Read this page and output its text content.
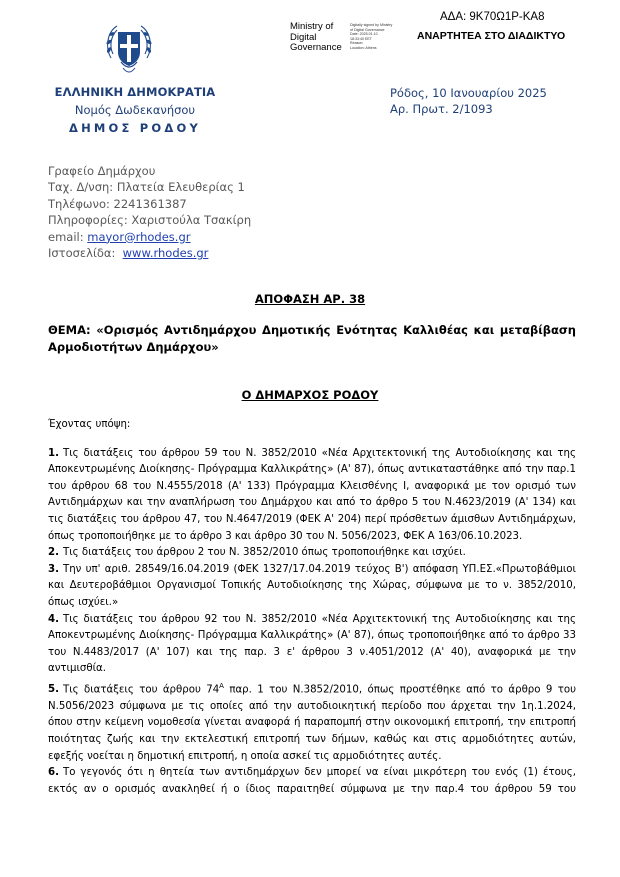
ΑΔΑ: 9Κ70Ω1Ρ-ΚΑ8
Ministry of
Digital
Governance
Digitally signed by Ministry
of Digital Governance
Date: 2025.01.10
18:33:40 EET
Reason:
Location: Athens
ΑΝΑΡΤΗΤΕΑ ΣΤΟ ΔΙΑΔΙΚΤΥΟ
ΕΛΛΗΝΙΚΗ ΔΗΜΟΚΡΑΤΙΑ
Νομός Δωδεκανήσου
ΔΗΜΟΣ ΡΟΔΟΥ
Ρόδος, 10 Ιανουαρίου 2025
Αρ. Πρωτ. 2/1093
Γραφείο Δημάρχου
Ταχ. Δ/νση: Πλατεία Ελευθερίας 1
Τηλέφωνο: 2241361387
Πληροφορίες: Χαριστούλα Τσακίρη
email: mayor@rhodes.gr
Ιστοσελίδα:  www.rhodes.gr
ΑΠΟΦΑΣΗ ΑΡ. 38
ΘΕΜΑ: «Ορισμός Αντιδημάρχου Δημοτικής Ενότητας Καλλιθέας και μεταβίβαση
Αρμοδιοτήτων Δημάρχου»
Ο ΔΗΜΑΡΧΟΣ ΡΟΔΟΥ

Έχοντας υπόψη:

1. Τις διατάξεις του άρθρου 59 του Ν. 3852/2010 «Νέα Αρχιτεκτονική της Αυτοδιοίκησης και της Αποκεντρωμένης Διοίκησης- Πρόγραμμα Καλλικράτης» (Α' 87), όπως αντικαταστάθηκε από την παρ.1 του άρθρου 68 του Ν.4555/2018 (Α' 133) Πρόγραμμα Κλεισθένης Ι, αναφορικά με τον ορισμό των Αντιδημάρχων και την αναπλήρωση του Δημάρχου και από το άρθρο 5 του Ν.4623/2019 (Α' 134) και τις διατάξεις του άρθρου 47, του Ν.4647/2019 (ΦΕΚ Α' 204) περί πρόσθετων άμισθων Αντιδημάρχων, όπως τροποποιήθηκε με το άρθρο 3 και άρθρο 30 του Ν. 5056/2023, ΦΕΚ Α 163/06.10.2023.

2. Τις διατάξεις του άρθρου 2 του Ν. 3852/2010 όπως τροποποιήθηκε και ισχύει.

3. Την υπ' αριθ. 28549/16.04.2019 (ΦΕΚ 1327/17.04.2019 τεύχος Β') απόφαση ΥΠ.ΕΣ.«Πρωτοβάθμιοι και Δευτεροβάθμιοι Οργανισμοί Τοπικής Αυτοδιοίκησης της Χώρας, σύμφωνα με το ν. 3852/2010, όπως ισχύει.»

4. Τις διατάξεις του άρθρου 92 του Ν. 3852/2010 «Νέα Αρχιτεκτονική της Αυτοδιοίκησης και της Αποκεντρωμένης Διοίκησης- Πρόγραμμα Καλλικράτης» (Α' 87), όπως τροποποιήθηκε από το άρθρο 33 του Ν.4483/2017 (Α' 107) και της παρ. 3 ε' άρθρου 3 ν.4051/2012 (Α' 40), αναφορικά με την αντιμισθία.

5. Τις διατάξεις του άρθρου $74^A$ παρ. 1 του Ν.3852/2010, όπως προστέθηκε από το άρθρο 9 του Ν.5056/2023 σύμφωνα με τις οποίες από την αυτοδιοικητική περίοδο που άρχεται την 1η.1.2024, όπου στην κείμενη νομοθεσία γίνεται αναφορά ή παραπομπή στην οικονομική επιτροπή, την επιτροπή ποιότητας ζωής και την εκτελεστική επιτροπή των δήμων, καθώς και στις αρμοδιότητες αυτών, εφεξής νοείται η δημοτική επιτροπή, η οποία ασκεί τις αρμοδιότητες αυτές.

6. Το γεγονός ότι η θητεία των αντιδημάρχων δεν μπορεί να είναι μικρότερη του ενός (1) έτους, εκτός αν ο ορισμός ανακληθεί ή ο ίδιος παραιτηθεί σύμφωνα με την παρ.4 του άρθρου 59 του
